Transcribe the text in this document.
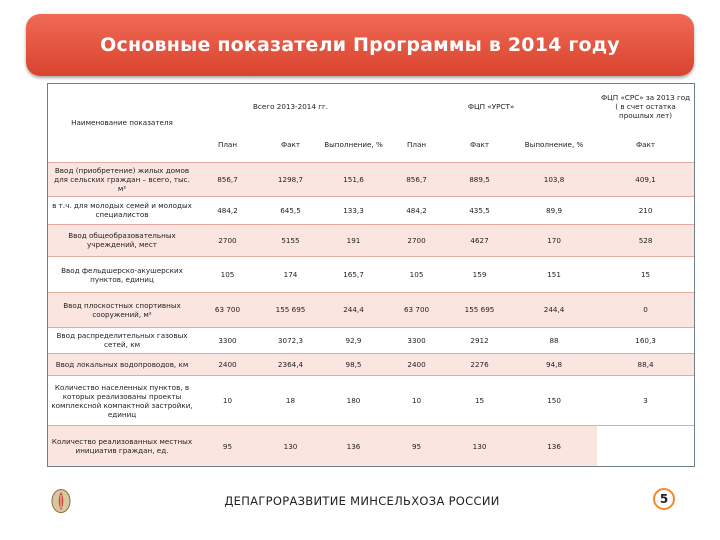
Основные показатели Программы в 2014 году
Наименование показателя	Всего 2013-2014 гг.			ФЦП «УРСТ»			ФЦП «СРС» за 2013 год ( в счет остатка прошлых лет)
	План	Факт	Выполнение, %	План	Факт	Выполнение, %	Факт
Ввод (приобретение) жилых домов для сельских граждан – всего, тыс. м²	856,7	1298,7	151,6	856,7	889,5	103,8	409,1
в т.ч. для молодых семей и молодых специалистов	484,2	645,5	133,3	484,2	435,5	89,9	210
Ввод общеобразовательных учреждений, мест	2700	5155	191	2700	4627	170	528
Ввод фельдшерско-акушерских пунктов, единиц	105	174	165,7	105	159	151	15
Ввод плоскостных спортивных сооружений, м²	63 700	155 695	244,4	63 700	155 695	244,4	0
Ввод распределительных газовых сетей, км	3300	3072,3	92,9	3300	2912	88	160,3
Ввод локальных водопроводов, км	2400	2364,4	98,5	2400	2276	94,8	88,4
Количество населенных пунктов, в которых реализованы проекты комплексной компактной застройки, единиц	10	18	180	10	15	150	3
Количество реализованных местных инициатив граждан, ед.	95	130	136	95	130	136	
ДЕПАГРОРАЗВИТИЕ МИНСЕЛЬХОЗА РОССИИ	5
